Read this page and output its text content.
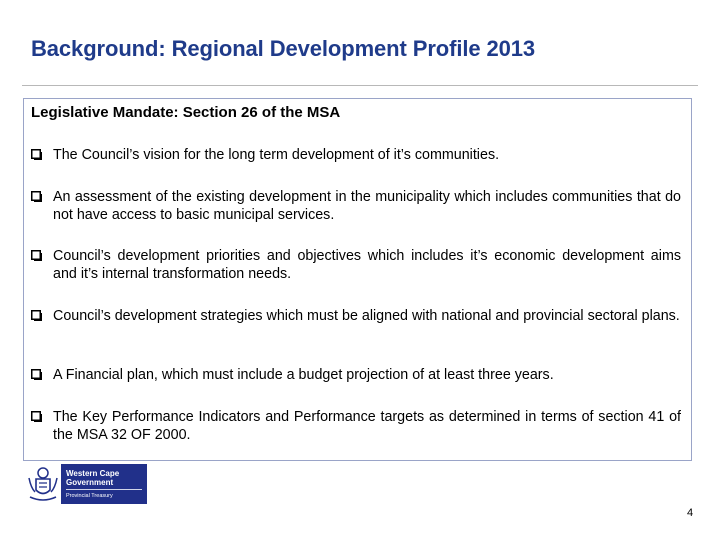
Background: Regional Development Profile 2013
Legislative Mandate: Section 26 of the MSA
The Council’s vision for the long term development of it’s communities.
An assessment of the existing development in the municipality which includes communities that do not have access to basic municipal services.
Council’s development priorities and objectives which includes it’s economic development aims and it’s internal transformation needs.
Council’s development strategies which must be aligned with national and provincial sectoral plans.
A Financial plan, which must include a budget projection of at least three years.
The Key Performance Indicators and Performance targets as determined in terms of section 41 of the MSA 32 OF 2000.
Western Cape
Government
Provincial Treasury
4
